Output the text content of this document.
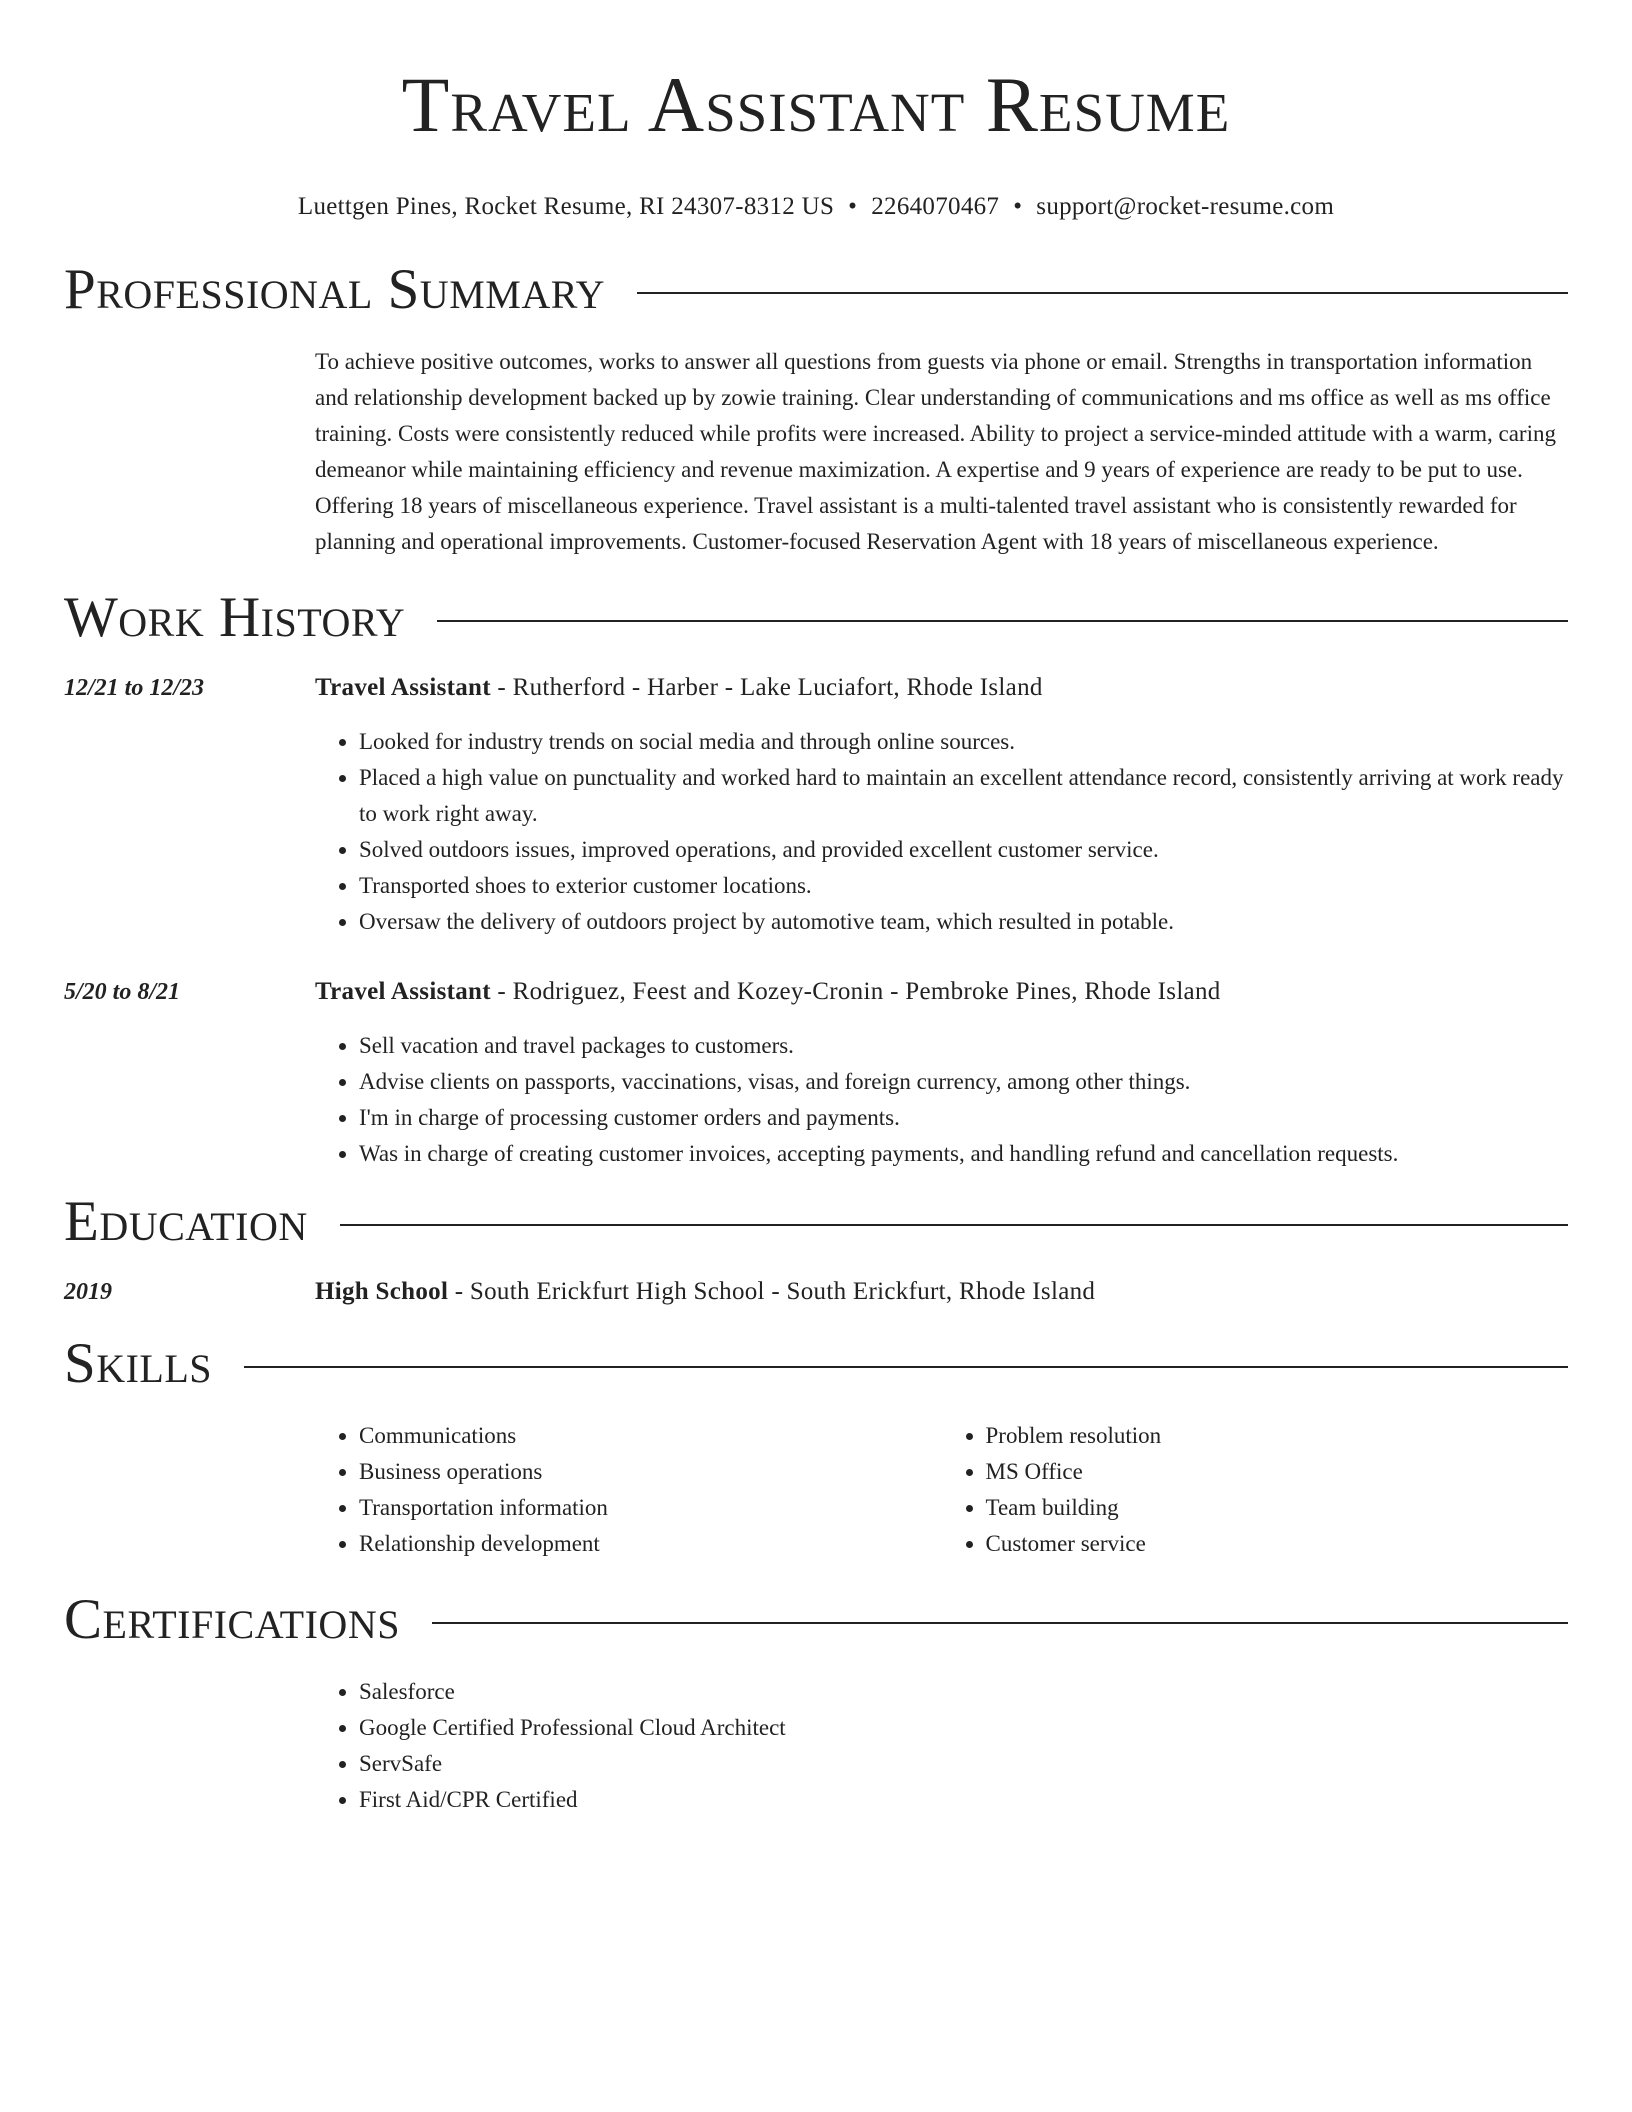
Travel Assistant Resume
Luettgen Pines, Rocket Resume, RI 24307-8312 US • 2264070467 • support@rocket-resume.com
Professional Summary
To achieve positive outcomes, works to answer all questions from guests via phone or email. Strengths in transportation information and relationship development backed up by zowie training. Clear understanding of communications and ms office as well as ms office training. Costs were consistently reduced while profits were increased. Ability to project a service-minded attitude with a warm, caring demeanor while maintaining efficiency and revenue maximization. A expertise and 9 years of experience are ready to be put to use. Offering 18 years of miscellaneous experience. Travel assistant is a multi-talented travel assistant who is consistently rewarded for planning and operational improvements. Customer-focused Reservation Agent with 18 years of miscellaneous experience.
Work History
12/21 to 12/23	Travel Assistant - Rutherford - Harber - Lake Luciafort, Rhode Island
• Looked for industry trends on social media and through online sources.
• Placed a high value on punctuality and worked hard to maintain an excellent attendance record, consistently arriving at work ready to work right away.
• Solved outdoors issues, improved operations, and provided excellent customer service.
• Transported shoes to exterior customer locations.
• Oversaw the delivery of outdoors project by automotive team, which resulted in potable.
5/20 to 8/21	Travel Assistant - Rodriguez, Feest and Kozey-Cronin - Pembroke Pines, Rhode Island
• Sell vacation and travel packages to customers.
• Advise clients on passports, vaccinations, visas, and foreign currency, among other things.
• I'm in charge of processing customer orders and payments.
• Was in charge of creating customer invoices, accepting payments, and handling refund and cancellation requests.
Education
2019	High School - South Erickfurt High School - South Erickfurt, Rhode Island
Skills
• Communications
• Business operations
• Transportation information
• Relationship development
• Problem resolution
• MS Office
• Team building
• Customer service
Certifications
• Salesforce
• Google Certified Professional Cloud Architect
• ServSafe
• First Aid/CPR Certified
